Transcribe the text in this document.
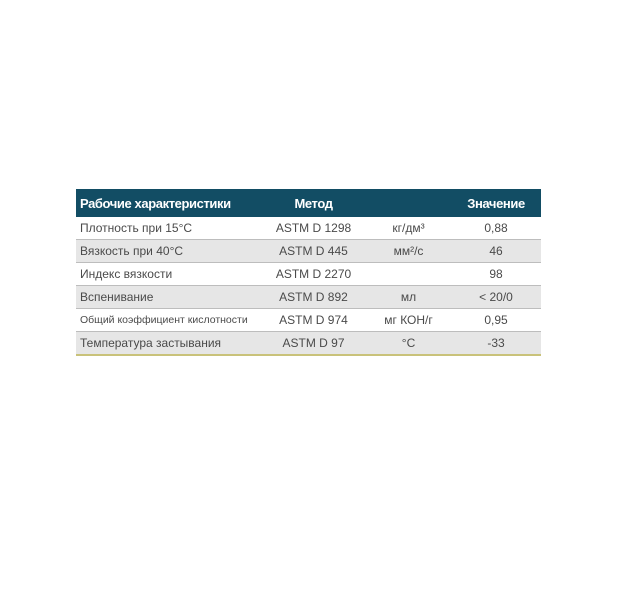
Рабочие характеристики	Метод		Значение
Плотность при 15°C	ASTM D 1298	кг/дм³	0,88
Вязкость при 40°C	ASTM D 445	мм²/с	46
Индекс вязкости	ASTM D 2270		98
Вспенивание	ASTM D 892	мл	< 20/0
Общий коэффициент кислотности	ASTM D 974	мг КОН/г	0,95
Температура застывания	ASTM D 97	°C	-33
